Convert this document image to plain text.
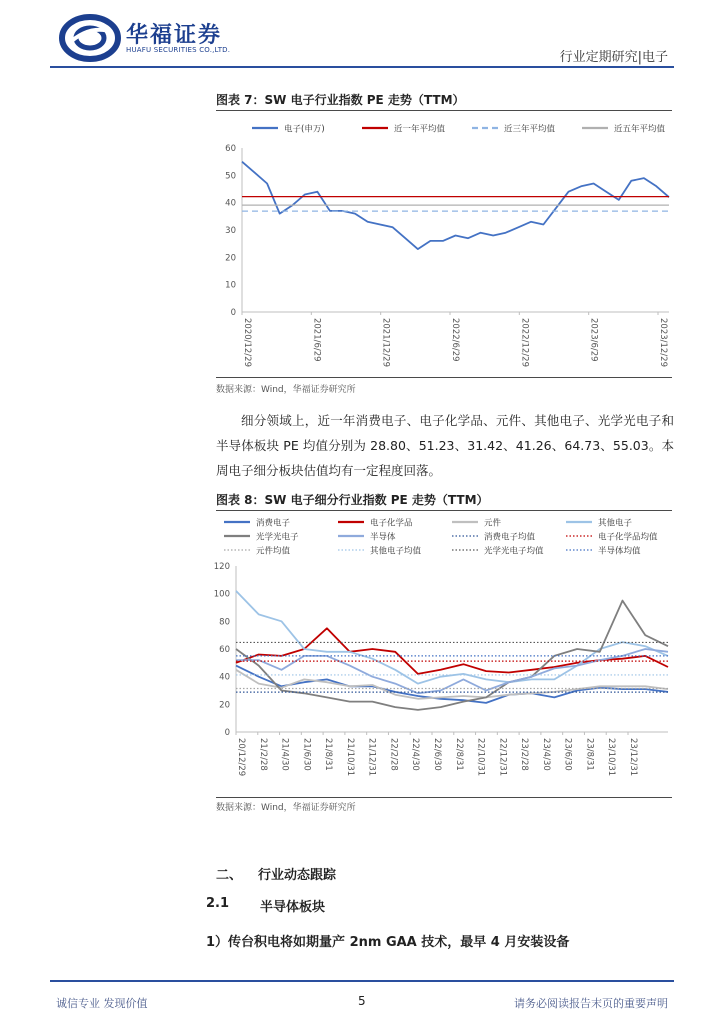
华福证券
HUAFU SECURITIES CO.,LTD.	行业定期研究|电子
图表 7：SW 电子行业指数 PE 走势（TTM）
电子(申万)	近一年平均值	近三年平均值	近五年平均值
0
10
20
30
40
50
60
2020/12/29	2021/6/29	2021/12/29	2022/6/29	2022/12/29	2023/6/29	2023/12/29
数据来源：Wind，华福证券研究所

细分领域上，近一年消费电子、电子化学品、元件、其他电子、光学光电子和半导体板块 PE 均值分别为 28.80、51.23、31.42、41.26、64.73、55.03。本周电子细分板块估值均有一定程度回落。

图表 8：SW 电子细分行业指数 PE 走势（TTM）
消费电子	电子化学品	元件	其他电子
光学光电子	半导体	消费电子均值	电子化学品均值
元件均值	其他电子均值	光学光电子均值	半导体均值
0
20
40
60
80
100
120
20/12/29 21/2/28 21/4/30 21/6/30 21/8/31 21/10/31 21/12/31 22/2/28 22/4/30 22/6/30 22/8/31 22/10/31 22/12/31 23/2/28 23/4/30 23/6/30 23/8/31 23/10/31 23/12/31
数据来源：Wind，华福证券研究所
二、 行业动态跟踪
2.1 半导体板块
1）传台积电将如期量产 2nm GAA 技术，最早 4 月安装设备
诚信专业 发现价值	5	请务必阅读报告末页的重要声明
